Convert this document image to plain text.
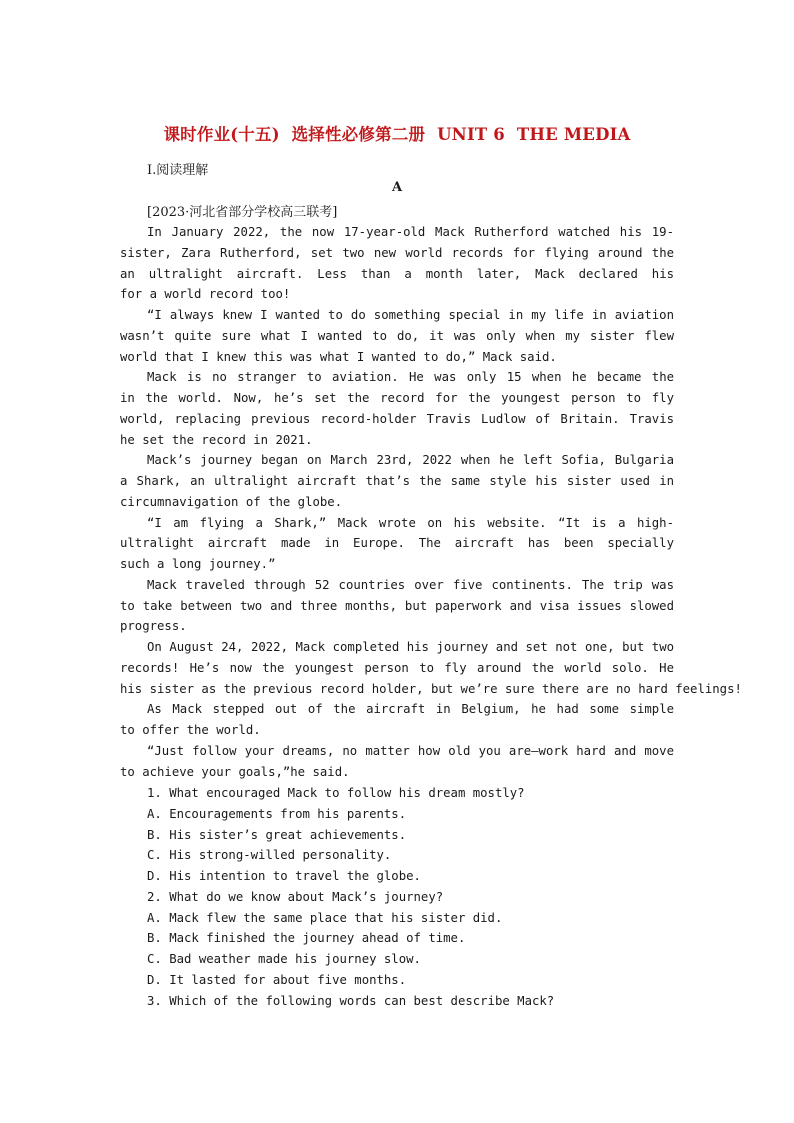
课时作业(十五)  选择性必修第二册  UNIT 6  THE MEDIA
Ⅰ.阅读理解
A
[2023·河北省部分学校高三联考]
In January 2022, the now 17-year-old Mack Rutherford watched his 19-
sister, Zara Rutherford, set two new world records for flying around the
an ultralight aircraft. Less than a month later, Mack declared his
for a world record too!
“I always knew I wanted to do something special in my life in aviation
wasn’t quite sure what I wanted to do, it was only when my sister flew
world that I knew this was what I wanted to do,” Mack said.
Mack is no stranger to aviation. He was only 15 when he became the
in the world. Now, he’s set the record for the youngest person to fly
world, replacing previous record-holder Travis Ludlow of Britain. Travis
he set the record in 2021.
Mack’s journey began on March 23rd, 2022 when he left Sofia, Bulgaria
a Shark, an ultralight aircraft that’s the same style his sister used in
circumnavigation of the globe.
“I am flying a Shark,” Mack wrote on his website. “It is a high-
ultralight aircraft made in Europe. The aircraft has been specially
such a long journey.”
Mack traveled through 52 countries over five continents. The trip was
to take between two and three months, but paperwork and visa issues slowed
progress.
On August 24, 2022, Mack completed his journey and set not one, but two
records! He’s now the youngest person to fly around the world solo. He
his sister as the previous record holder, but we’re sure there are no hard feelings!
As Mack stepped out of the aircraft in Belgium, he had some simple
to offer the world.
“Just follow your dreams, no matter how old you are—work hard and move
to achieve your goals,”he said.
1. What encouraged Mack to follow his dream mostly?
A. Encouragements from his parents.
B. His sister’s great achievements.
C. His strong-willed personality.
D. His intention to travel the globe.
2. What do we know about Mack’s journey?
A. Mack flew the same place that his sister did.
B. Mack finished the journey ahead of time.
C. Bad weather made his journey slow.
D. It lasted for about five months.
3. Which of the following words can best describe Mack?
